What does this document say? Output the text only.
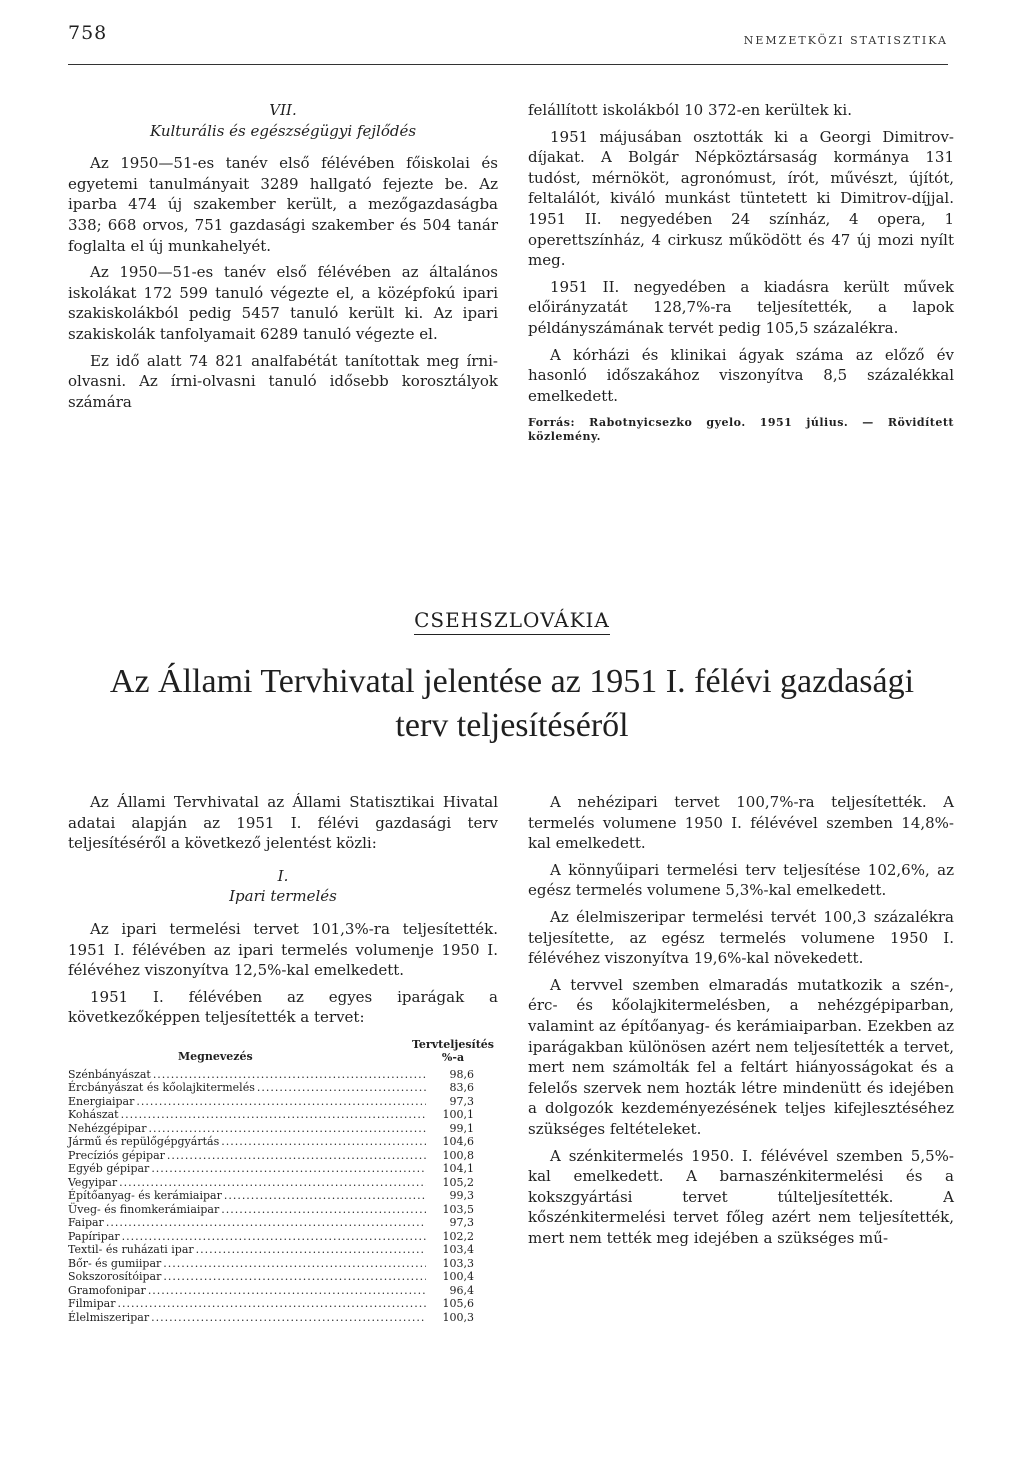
758	NEMZETKÖZI STATISZTIKA
VII.
Kulturális és egészségügyi fejlődés

Az 1950—51-es tanév első félévében főiskolai és egyetemi tanulmányait 3289 hallgató fejezte be. Az iparba 474 új szakember került, a mezőgazdaságba 338; 668 orvos, 751 gazdasági szakember és 504 tanár foglalta el új munkahelyét.

Az 1950—51-es tanév első félévében az általános iskolákat 172 599 tanuló végezte el, a középfokú ipari szakiskolákból pedig 5457 tanuló került ki. Az ipari szakiskolák tanfolyamait 6289 tanuló végezte el.

Ez idő alatt 74 821 analfabétát tanítottak meg írni-olvasni. Az írni-olvasni tanuló idősebb korosztályok számára

felállított iskolákból 10 372-en kerültek ki.

1951 májusában osztották ki a Georgi Dimitrov-díjakat. A Bolgár Népköztársaság kormánya 131 tudóst, mérnököt, agronómust, írót, művészt, újítót, feltalálót, kiváló munkást tüntetett ki Dimitrov-díjjal. 1951 II. negyedében 24 színház, 4 opera, 1 operettszínház, 4 cirkusz működött és 47 új mozi nyílt meg.

1951 II. negyedében a kiadásra került művek előirányzatát 128,7%-ra teljesítették, a lapok példányszámának tervét pedig 105,5 százalékra.

A kórházi és klinikai ágyak száma az előző év hasonló időszakához viszonyítva 8,5 százalékkal emelkedett.

Forrás: Rabotnyicsezko gyelo. 1951 július. — Rövidített közlemény.
CSEHSZLOVÁKIA
Az Állami Tervhivatal jelentése az 1951 I. félévi gazdasági terv teljesítéséről

Az Állami Tervhivatal az Állami Statisztikai Hivatal adatai alapján az 1951 I. félévi gazdasági terv teljesítéséről a következő jelentést közli:

I.
Ipari termelés

Az ipari termelési tervet 101,3%-ra teljesítették. 1951 I. félévében az ipari termelés volumenje 1950 I. félévéhez viszonyítva 12,5%-kal emelkedett.

1951 I. félévében az egyes iparágak a következőképpen teljesítették a tervet:

Megnevezés
Tervteljesítés
%-a
Szénbányászat .....	98,6
Ércbányászat és kőolajkitermelés .....	83,6
Energiaipar .....	97,3
Kohászat .....	100,1
Nehézgépipar .....	99,1
Jármű és repülőgépgyártás .....	104,6
Precíziós gépipar .....	100,8
Egyéb gépipar .....	104,1
Vegyipar .....	105,2
Építőanyag- és kerámiaipar .....	99,3
Üveg- és finomkerámiaipar .....	103,5
Faipar .....	97,3
Papíripar .....	102,2
Textil- és ruházati ipar .....	103,4
Bőr- és gumiipar .....	103,3
Sokszorosítóipar .....	100,4
Gramofonipar .....	96,4
Filmipar .....	105,6
Élelmiszeripar .....	100,3

A nehézipari tervet 100,7%-ra teljesítették. A termelés volumene 1950 I. félévével szemben 14,8%-kal emelkedett.

A könnyűipari termelési terv teljesítése 102,6%, az egész termelés volumene 5,3%-kal emelkedett.

Az élelmiszeripar termelési tervét 100,3 százalékra teljesítette, az egész termelés volumene 1950 I. félévéhez viszonyítva 19,6%-kal növekedett.

A tervvel szemben elmaradás mutatkozik a szén-, érc- és kőolajkitermelésben, a nehézgépiparban, valamint az építőanyag- és kerámiaiparban. Ezekben az iparágakban különösen azért nem teljesítették a tervet, mert nem számolták fel a feltárt hiányosságokat és a felelős szervek nem hozták létre mindenütt és idejében a dolgozók kezdeményezésének teljes kifejlesztéséhez szükséges feltételeket.

A szénkitermelés 1950. I. félévével szemben 5,5%-kal emelkedett. A barnaszénkitermelési és a kokszgyártási tervet túlteljesítették. A kőszénkitermelési tervet főleg azért nem teljesítették, mert nem tették meg idejében a szükséges mű-
